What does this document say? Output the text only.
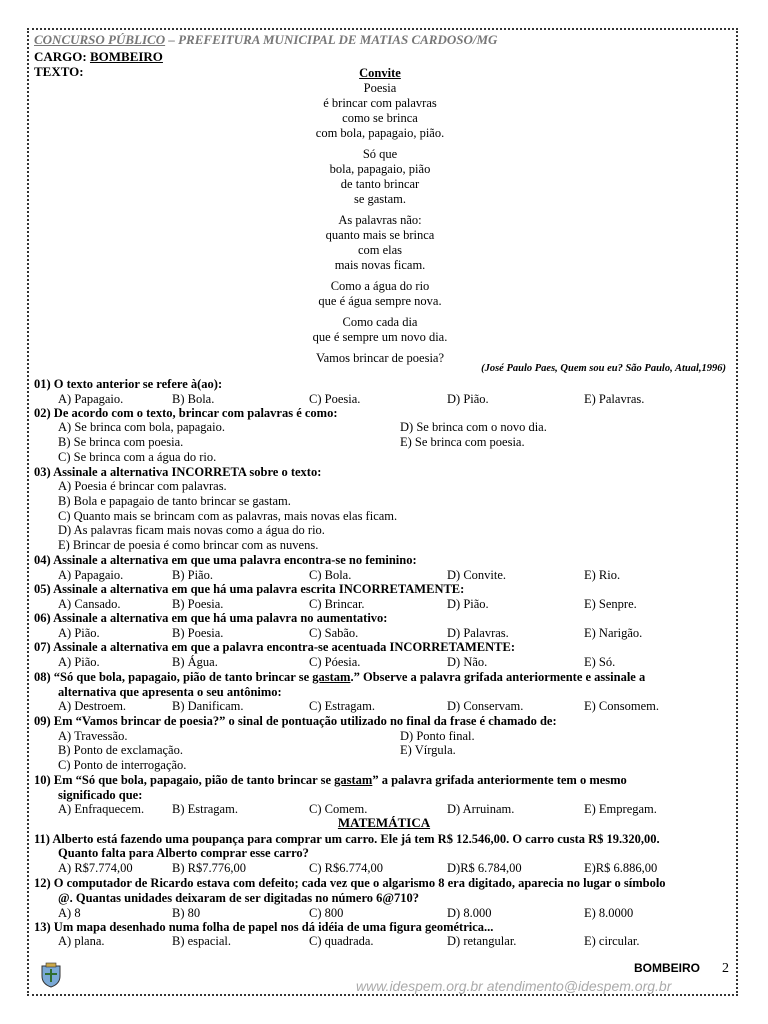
CONCURSO PÚBLICO – PREFEITURA MUNICIPAL DE MATIAS CARDOSO/MG
CARGO: BOMBEIRO
TEXTO:	Convite
Poesia
é brincar com palavras
como se brinca
com bola, papagaio, pião.
Só que
bola, papagaio, pião
de tanto brincar
se gastam.
As palavras não:
quanto mais se brinca
com elas
mais novas ficam.
Como a água do rio
que é água sempre nova.
Como cada dia
que é sempre um novo dia.
Vamos brincar de poesia?
(José Paulo Paes, Quem sou eu? São Paulo, Atual,1996)
01) O texto anterior se refere à(ao):
A) Papagaio.	B) Bola.	C) Poesia.	D) Pião.	E) Palavras.
02) De acordo com o texto, brincar com palavras é como:
A) Se brinca com bola, papagaio.
B) Se brinca com poesia.
C) Se brinca com a água do rio.
D) Se brinca com o novo dia.
E) Se brinca com poesia.
03) Assinale a alternativa INCORRETA sobre o texto:
A) Poesia é brincar com palavras.
B) Bola e papagaio de tanto brincar se gastam.
C) Quanto mais se brincam com as palavras, mais novas elas ficam.
D) As palavras ficam mais novas como a água do rio.
E) Brincar de poesia é como brincar com as nuvens.
04) Assinale a alternativa em que uma palavra encontra-se no feminino:
A) Papagaio.	B) Pião.	C) Bola.	D) Convite.	E) Rio.
05) Assinale a alternativa em que há uma palavra escrita INCORRETAMENTE:
A) Cansado.	B) Poesia.	C) Brincar.	D) Pião.	E) Senpre.
06) Assinale a alternativa em que há uma palavra no aumentativo:
A) Pião.	B) Poesia.	C) Sabão.	D) Palavras.	E) Narigão.
07) Assinale a alternativa em que a palavra encontra-se acentuada INCORRETAMENTE:
A) Pião.	B) Água.	C) Póesia.	D) Não.	E) Só.
08) “Só que bola, papagaio, pião de tanto brincar se gastam.” Observe a palavra grifada anteriormente e assinale a
alternativa que apresenta o seu antônimo:
A) Destroem.	B) Danificam.	C) Estragam.	D) Conservam.	E) Consomem.
09) Em “Vamos brincar de poesia?” o sinal de pontuação utilizado no final da frase é chamado de:
A) Travessão.
B) Ponto de exclamação.
C) Ponto de interrogação.
D) Ponto final.
E) Vírgula.
10) Em “Só que bola, papagaio, pião de tanto brincar se gastam” a palavra grifada anteriormente tem o mesmo
significado que:
A) Enfraquecem. B) Estragam.	C) Comem.	D) Arruinam.	E) Empregam.
MATEMÁTICA
11) Alberto está fazendo uma poupança para comprar um carro. Ele já tem R$ 12.546,00. O carro custa R$ 19.320,00.
Quanto falta para Alberto comprar esse carro?
A) R$7.774,00	B) R$7.776,00	C) R$6.774,00	D)R$ 6.784,00	E)R$ 6.886,00
12) O computador de Ricardo estava com defeito; cada vez que o algarismo 8 era digitado, aparecia no lugar o símbolo
@. Quantas unidades deixaram de ser digitadas no número 6@710?
A) 8	B) 80	C) 800	D) 8.000	E) 8.0000
13) Um mapa desenhado numa folha de papel nos dá idéia de uma figura geométrica...
A) plana.	B) espacial.	C) quadrada.	D) retangular.	E) circular.
BOMBEIRO 2
www.idespem.org.br atendimento@idespem.org.br
